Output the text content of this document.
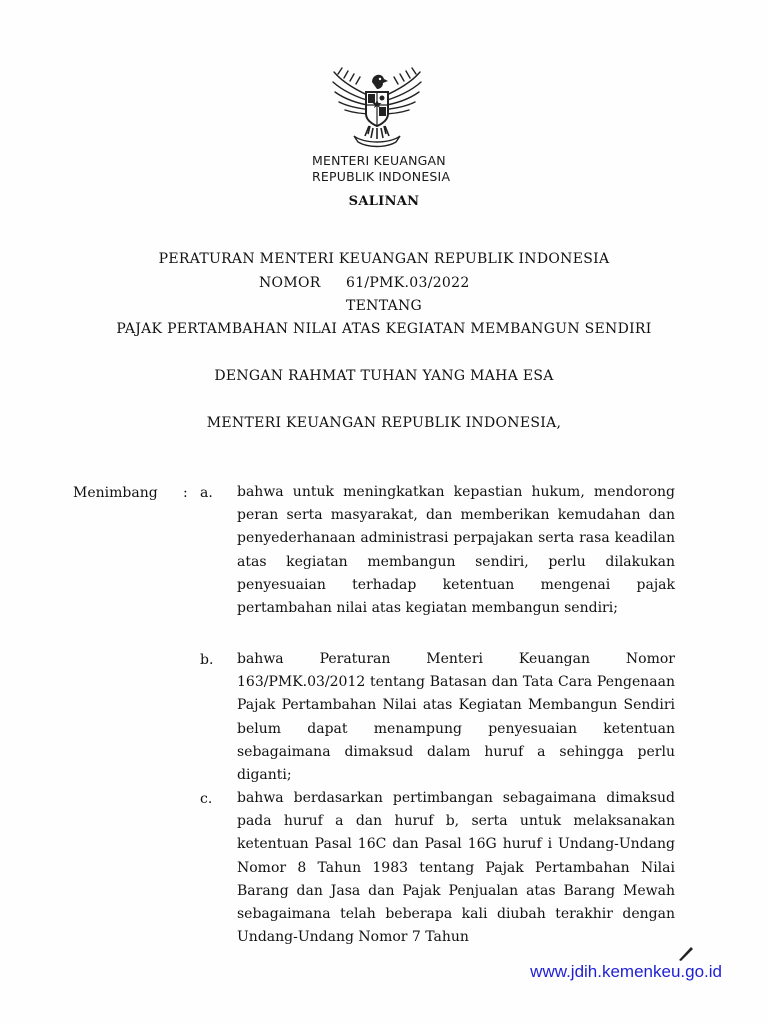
MENTERI KEUANGAN
REPUBLIK INDONESIA
SALINAN
PERATURAN MENTERI KEUANGAN REPUBLIK INDONESIA
NOMOR 61/PMK.03/2022
TENTANG
PAJAK PERTAMBAHAN NILAI ATAS KEGIATAN MEMBANGUN SENDIRI
DENGAN RAHMAT TUHAN YANG MAHA ESA
MENTERI KEUANGAN REPUBLIK INDONESIA,
Menimbang : a. bahwa untuk meningkatkan kepastian hukum, mendorong peran serta masyarakat, dan memberikan kemudahan dan penyederhanaan administrasi perpajakan serta rasa keadilan atas kegiatan membangun sendiri, perlu dilakukan penyesuaian terhadap ketentuan mengenai pajak pertambahan nilai atas kegiatan membangun sendiri;
b. bahwa Peraturan Menteri Keuangan Nomor 163/PMK.03/2012 tentang Batasan dan Tata Cara Pengenaan Pajak Pertambahan Nilai atas Kegiatan Membangun Sendiri belum dapat menampung penyesuaian ketentuan sebagaimana dimaksud dalam huruf a sehingga perlu diganti;
c. bahwa berdasarkan pertimbangan sebagaimana dimaksud pada huruf a dan huruf b, serta untuk melaksanakan ketentuan Pasal 16C dan Pasal 16G huruf i Undang-Undang Nomor 8 Tahun 1983 tentang Pajak Pertambahan Nilai Barang dan Jasa dan Pajak Penjualan atas Barang Mewah sebagaimana telah beberapa kali diubah terakhir dengan Undang-Undang Nomor 7 Tahun
www.jdih.kemenkeu.go.id
